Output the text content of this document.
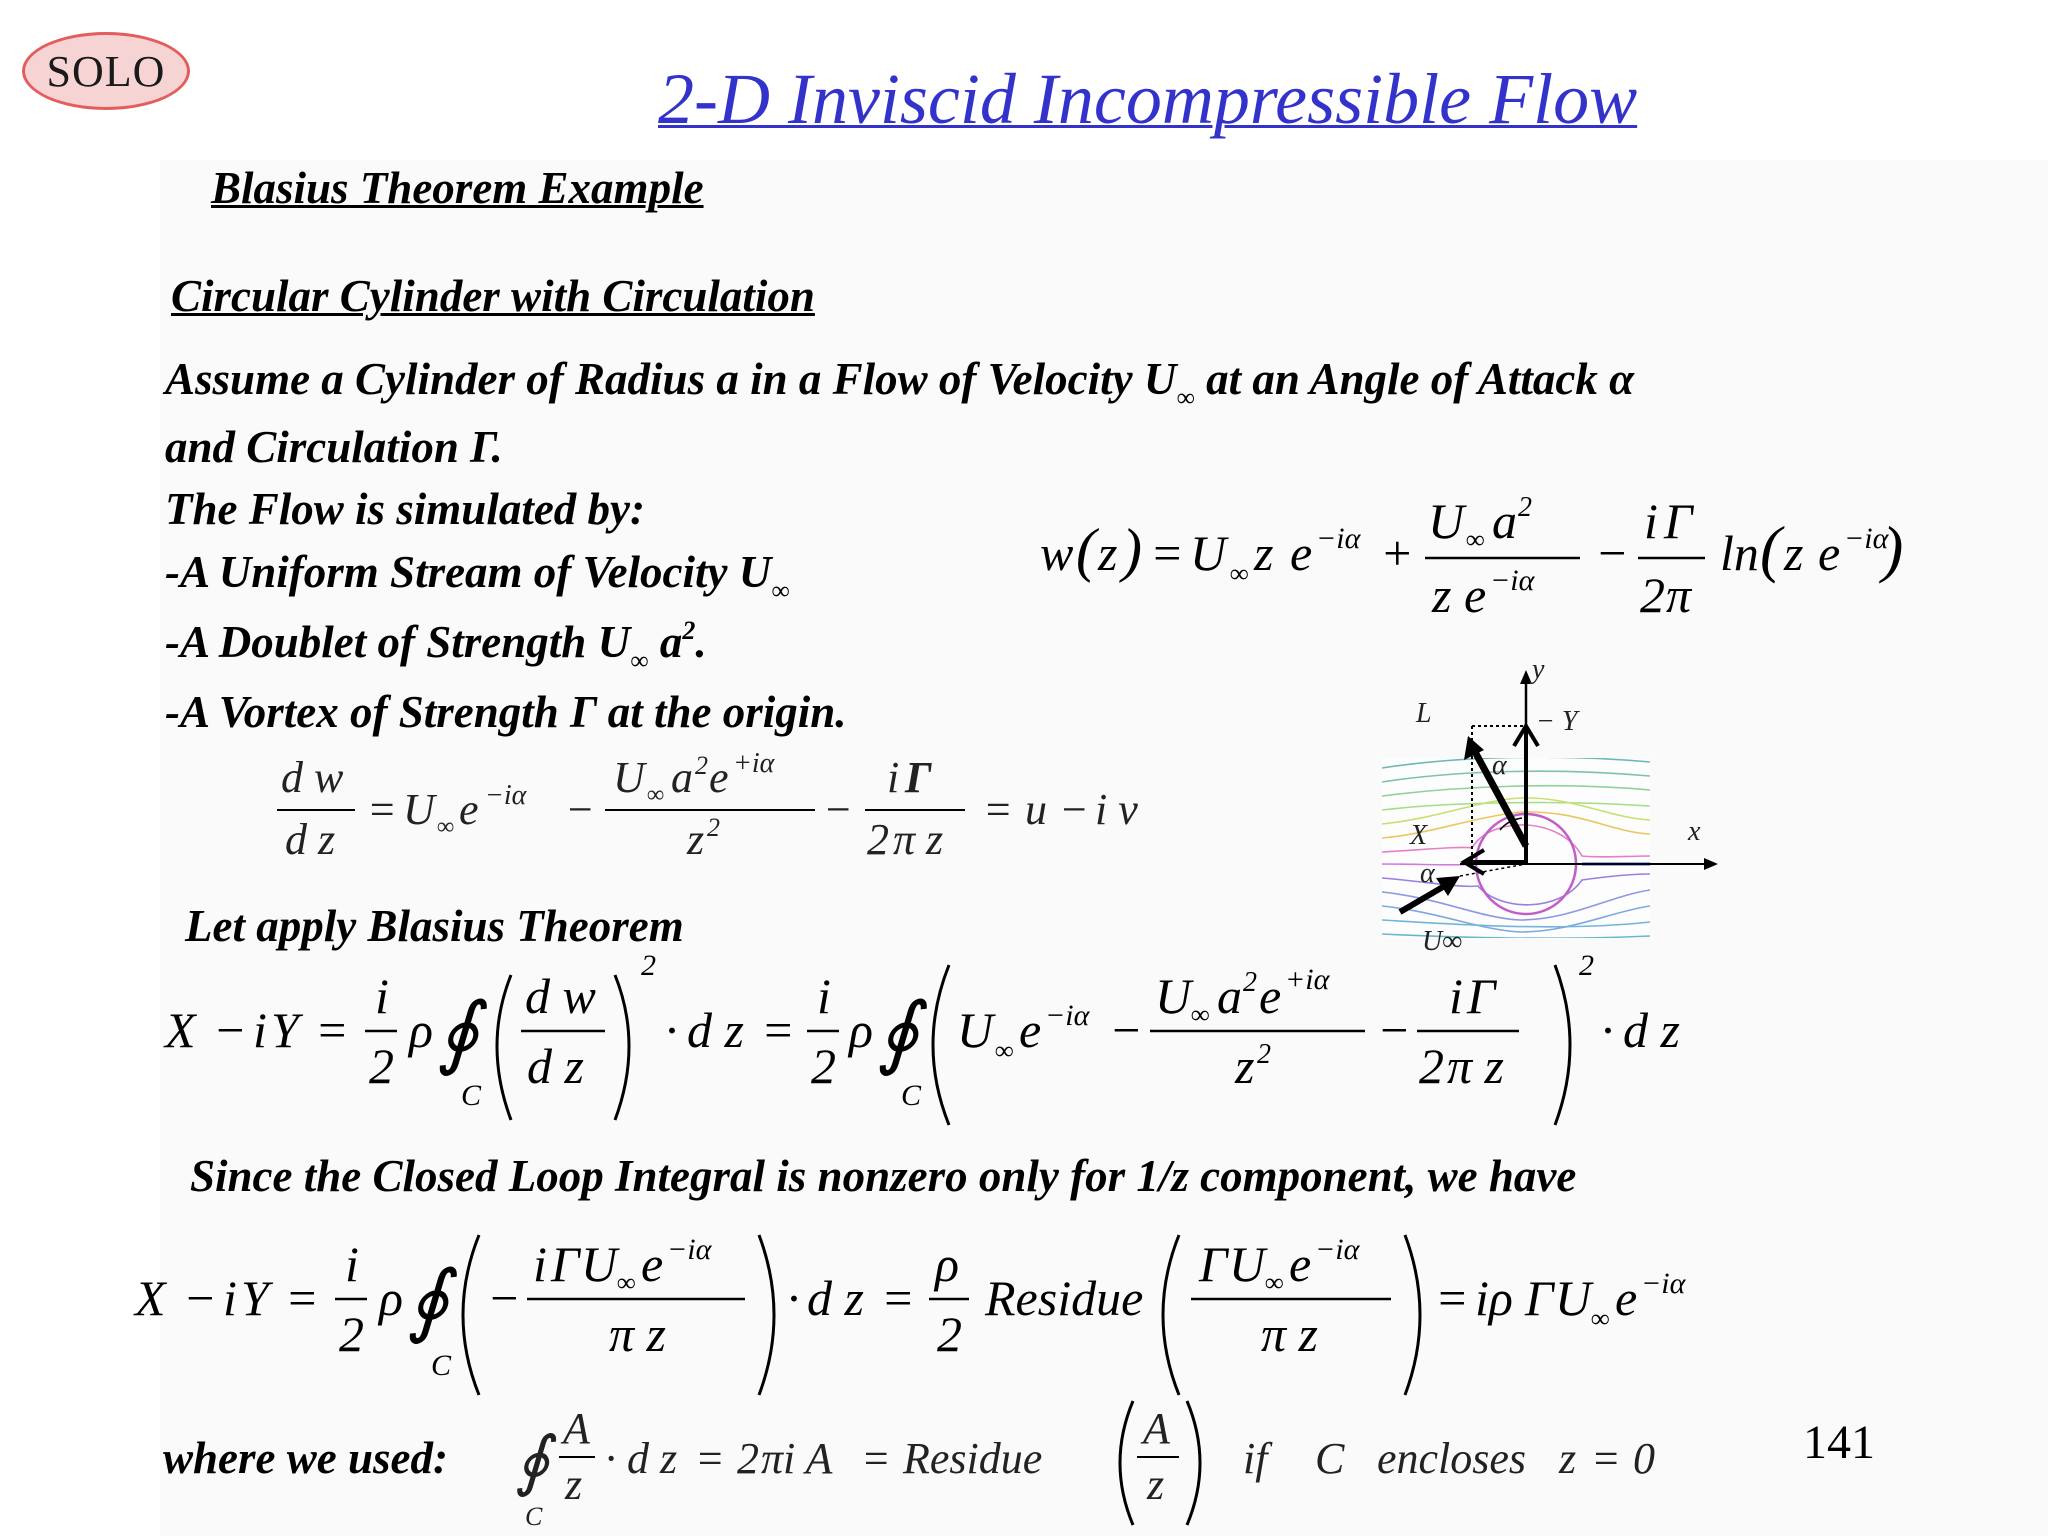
SOLO	2-D Inviscid Incompressible Flow
Blasius Theorem Example
Circular Cylinder with Circulation
Assume a Cylinder of Radius a in a Flow of Velocity $U_\infty$ at an Angle of Attack α
and Circulation Γ.
The Flow is simulated by:
-A Uniform Stream of Velocity $U_\infty$
-A Doublet of Strength $U_\infty$ $a^2$.
-A Vortex of Strength Γ at the origin.
Let apply Blasius Theorem
Since the Closed Loop Integral is nonzero only for 1/z component, we have
where we used:	141
w ( z ) = U ∞ z e −iα +
U ∞ a 2
z e −iα −
i Γ
2 π
ln ( z e −iα
)
d w
d z
= U ∞ e −iα −
U ∞ a 2 e +iα
z 2 −
i Γ
2 π z
= u − i v
X − i Y =
i
2
ρ ∮
C
d w
d z
2
· d z =
i
2
ρ ∮
C
U ∞ e −iα −
U ∞ a 2 e +iα
z 2 −
i Γ
2 π z
2
· d z
X − i Y =
i
2
ρ ∮
C
−
i Γ U ∞ e −iα
π z
· d z =
ρ
2
Residue
Γ U ∞ e −iα
π z
= iρ Γ U ∞ e −iα
∮
C
A
z
· d z = 2 πi A = Residue
A
z
if C encloses z = 0
y
L	− Y
α
X	x
α
U∞
